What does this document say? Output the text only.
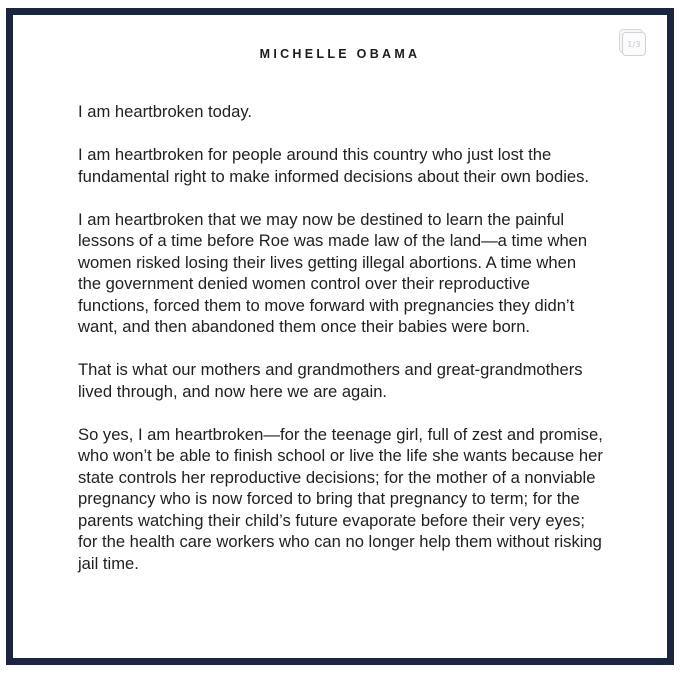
1/3
MICHELLE OBAMA

I am heartbroken today.

I am heartbroken for people around this country who just lost the fundamental right to make informed decisions about their own bodies.

I am heartbroken that we may now be destined to learn the painful lessons of a time before Roe was made law of the land—a time when women risked losing their lives getting illegal abortions. A time when the government denied women control over their reproductive functions, forced them to move forward with pregnancies they didn’t want, and then abandoned them once their babies were born.

That is what our mothers and grandmothers and great-grandmothers lived through, and now here we are again.

So yes, I am heartbroken—for the teenage girl, full of zest and promise, who won’t be able to finish school or live the life she wants because her state controls her reproductive decisions; for the mother of a nonviable pregnancy who is now forced to bring that pregnancy to term; for the parents watching their child’s future evaporate before their very eyes; for the health care workers who can no longer help them without risking jail time.
